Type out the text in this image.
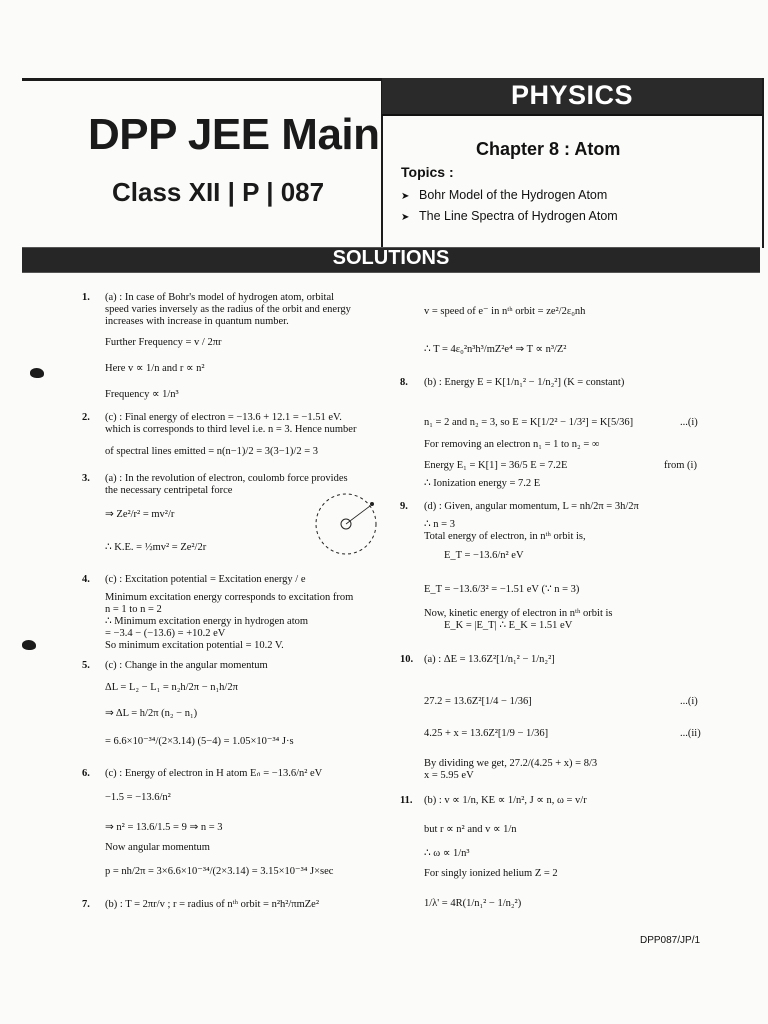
PHYSICS
DPP JEE Main
Class XII | P | 087
Chapter 8 : Atom
Topics :
➤ Bohr Model of the Hydrogen Atom
➤ The Line Spectra of Hydrogen Atom
SOLUTIONS
1. (a) : In case of Bohr's model of hydrogen atom, orbital
speed varies inversely as the radius of the orbit and energy
increases with increase in quantum number.
Further Frequency = v / 2πr
Here v ∝ 1/n and r ∝ n²
Frequency ∝ 1/n³
2. (c) : Final energy of electron = −13.6 + 12.1 = −1.51 eV.
which is corresponds to third level i.e. n = 3. Hence number
of spectral lines emitted = n(n−1)/2 = 3(3−1)/2 = 3
3. (a) : In the revolution of electron, coulomb force provides
the necessary centripetal force
⇒ Ze²/r² = mv²/r
∴ K.E. = ½mv² = Ze²/2r
4. (c) : Excitation potential = Excitation energy / e
Minimum excitation energy corresponds to excitation from
n = 1 to n = 2
∴ Minimum excitation energy in hydrogen atom
= −3.4 − (−13.6) = +10.2 eV
So minimum excitation potential = 10.2 V.
5. (c) : Change in the angular momentum
ΔL = L₂ − L₁ = n₂h/2π − n₁h/2π
⇒ ΔL = h/2π (n₂ − n₁)
= 6.6×10⁻³⁴/(2×3.14) (5−4) = 1.05×10⁻³⁴ J·s
6. (c) : Energy of electron in H atom Eₙ = −13.6/n² eV
−1.5 = −13.6/n²
⇒ n² = 13.6/1.5 = 9 ⇒ n = 3
Now angular momentum
p = nh/2π = 3×6.6×10⁻³⁴/(2×3.14) = 3.15×10⁻³⁴ J×sec
7. (b) : T = 2πr/v ; r = radius of nᵗʰ orbit = n²h²/πmZe²
v = speed of e⁻ in nᵗʰ orbit = ze²/2ε₀nh
∴ T = 4ε₀²n³h³/mZ²e⁴ ⇒ T ∝ n³/Z²
8. (b) : Energy E = K[1/n₁² − 1/n₂²] (K = constant)
n₁ = 2 and n₂ = 3, so E = K[1/2² − 1/3²] = K[5/36]	...(i)
For removing an electron n₁ = 1 to n₂ = ∞
Energy E₁ = K[1] = 36/5 E = 7.2E	from (i)
∴ Ionization energy = 7.2 E
9. (d) : Given, angular momentum, L = nh/2π = 3h/2π
∴ n = 3
Total energy of electron, in nᵗʰ orbit is,
E_T = −13.6/n² eV
E_T = −13.6/3² = −1.51 eV (∵ n = 3)
Now, kinetic energy of electron in nᵗʰ orbit is
E_K = |E_T| ∴ E_K = 1.51 eV
10. (a) : ΔE = 13.6Z²[1/n₁² − 1/n₂²]
27.2 = 13.6Z²[1/4 − 1/36]	...(i)
4.25 + x = 13.6Z²[1/9 − 1/36]	...(ii)
By dividing we get, 27.2/(4.25 + x) = 8/3
x = 5.95 eV
11. (b) : v ∝ 1/n, KE ∝ 1/n², J ∝ n, ω = v/r
but r ∝ n² and v ∝ 1/n
∴ ω ∝ 1/n³
For singly ionized helium Z = 2
1/λ' = 4R(1/n₁² − 1/n₂²)
DPP087/JP/1
